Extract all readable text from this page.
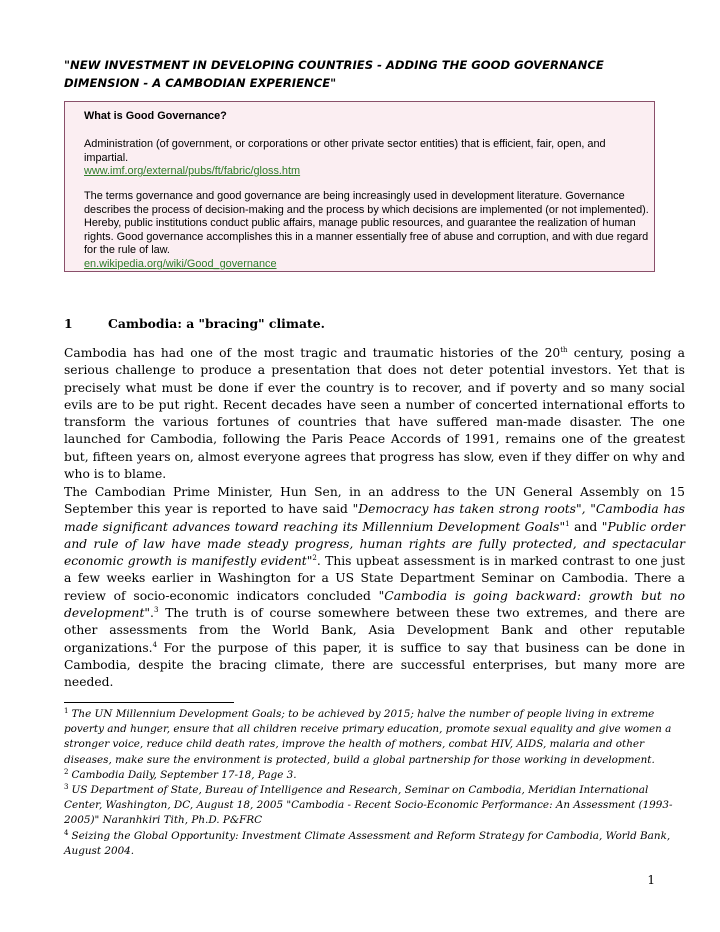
"NEW INVESTMENT IN DEVELOPING COUNTRIES - ADDING THE GOOD GOVERNANCE DIMENSION - A CAMBODIAN EXPERIENCE"

What is Good Governance?

Administration (of government, or corporations or other private sector entities) that is efficient, fair, open, and impartial.
www.imf.org/external/pubs/ft/fabric/gloss.htm
The terms governance and good governance are being increasingly used in development literature. Governance describes the process of decision-making and the process by which decisions are implemented (or not implemented). Hereby, public institutions conduct public affairs, manage public resources, and guarantee the realization of human rights. Good governance accomplishes this in a manner essentially free of abuse and corruption, and with due regard for the rule of law.
en.wikipedia.org/wiki/Good_governance

1	Cambodia: a "bracing" climate.

Cambodia has had one of the most tragic and traumatic histories of the 20th century, posing a serious challenge to produce a presentation that does not deter potential investors. Yet that is precisely what must be done if ever the country is to recover, and if poverty and so many social evils are to be put right. Recent decades have seen a number of concerted international efforts to transform the various fortunes of countries that have suffered man-made disaster. The one launched for Cambodia, following the Paris Peace Accords of 1991, remains one of the greatest but, fifteen years on, almost everyone agrees that progress has slow, even if they differ on why and who is to blame.

The Cambodian Prime Minister, Hun Sen, in an address to the UN General Assembly on 15 September this year is reported to have said "Democracy has taken strong roots", "Cambodia has made significant advances toward reaching its Millennium Development Goals"$^1$ and "Public order and rule of law have made steady progress, human rights are fully protected, and spectacular economic growth is manifestly evident"$^2$. This upbeat assessment is in marked contrast to one just a few weeks earlier in Washington for a US State Department Seminar on Cambodia. There a review of socio-economic indicators concluded "Cambodia is going backward: growth but no development".$^3$ The truth is of course somewhere between these two extremes, and there are other assessments from the World Bank, Asia Development Bank and other reputable organizations.$^4$ For the purpose of this paper, it is suffice to say that business can be done in Cambodia, despite the bracing climate, there are successful enterprises, but many more are needed.

$^1$ The UN Millennium Development Goals; to be achieved by 2015; halve the number of people living in extreme poverty and hunger, ensure that all children receive primary education, promote sexual equality and give women a stronger voice, reduce child death rates, improve the health of mothers, combat HIV, AIDS, malaria and other diseases, make sure the environment is protected, build a global partnership for those working in development.
$^2$ Cambodia Daily, September 17-18, Page 3.
$^3$ US Department of State, Bureau of Intelligence and Research, Seminar on Cambodia, Meridian International Center, Washington, DC, August 18, 2005 "Cambodia - Recent Socio-Economic Performance: An Assessment (1993-2005)" Naranhkiri Tith, Ph.D. P&FRC
$^4$ Seizing the Global Opportunity: Investment Climate Assessment and Reform Strategy for Cambodia, World Bank, August 2004.
1
